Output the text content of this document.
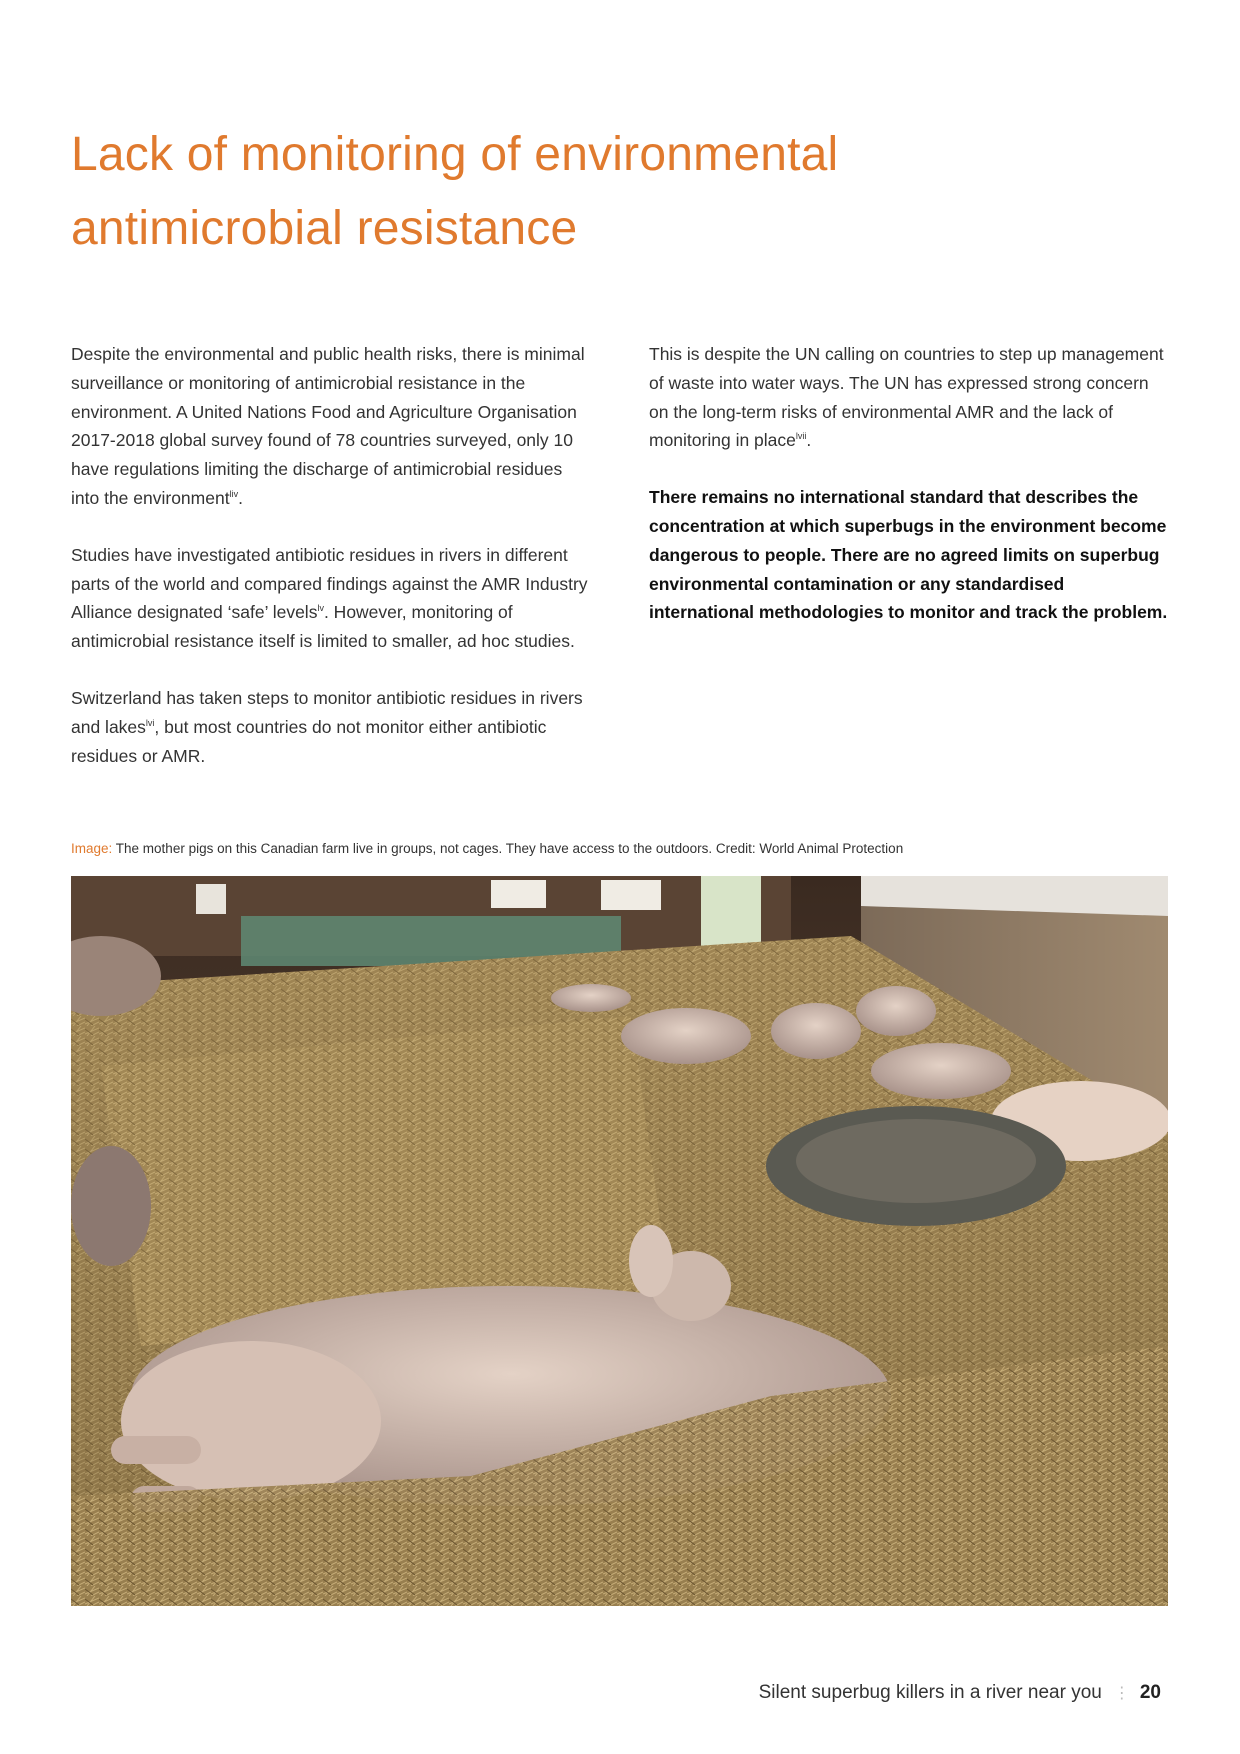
Lack of monitoring of environmental
antimicrobial resistance

Despite the environmental and public health risks, there is minimal surveillance or monitoring of antimicrobial resistance in the environment. A United Nations Food and Agriculture Organisation 2017-2018 global survey found of 78 countries surveyed, only 10 have regulations limiting the discharge of antimicrobial residues into the environment$^{liv}$.

Studies have investigated antibiotic residues in rivers in different parts of the world and compared findings against the AMR Industry Alliance designated ‘safe’ levels$^{lv}$. However, monitoring of antimicrobial resistance itself is limited to smaller, ad hoc studies.

Switzerland has taken steps to monitor antibiotic residues in rivers and lakes$^{lvi}$, but most countries do not monitor either antibiotic residues or AMR.

This is despite the UN calling on countries to step up management of waste into water ways. The UN has expressed strong concern on the long-term risks of environmental AMR and the lack of monitoring in place$^{lvii}$.

There remains no international standard that describes the concentration at which superbugs in the environment become dangerous to people. There are no agreed limits on superbug environmental contamination or any standardised international methodologies to monitor and track the problem.

Image: The mother pigs on this Canadian farm live in groups, not cages. They have access to the outdoors. Credit: World Animal Protection
Silent superbug killers in a river near you ⋮ 20
